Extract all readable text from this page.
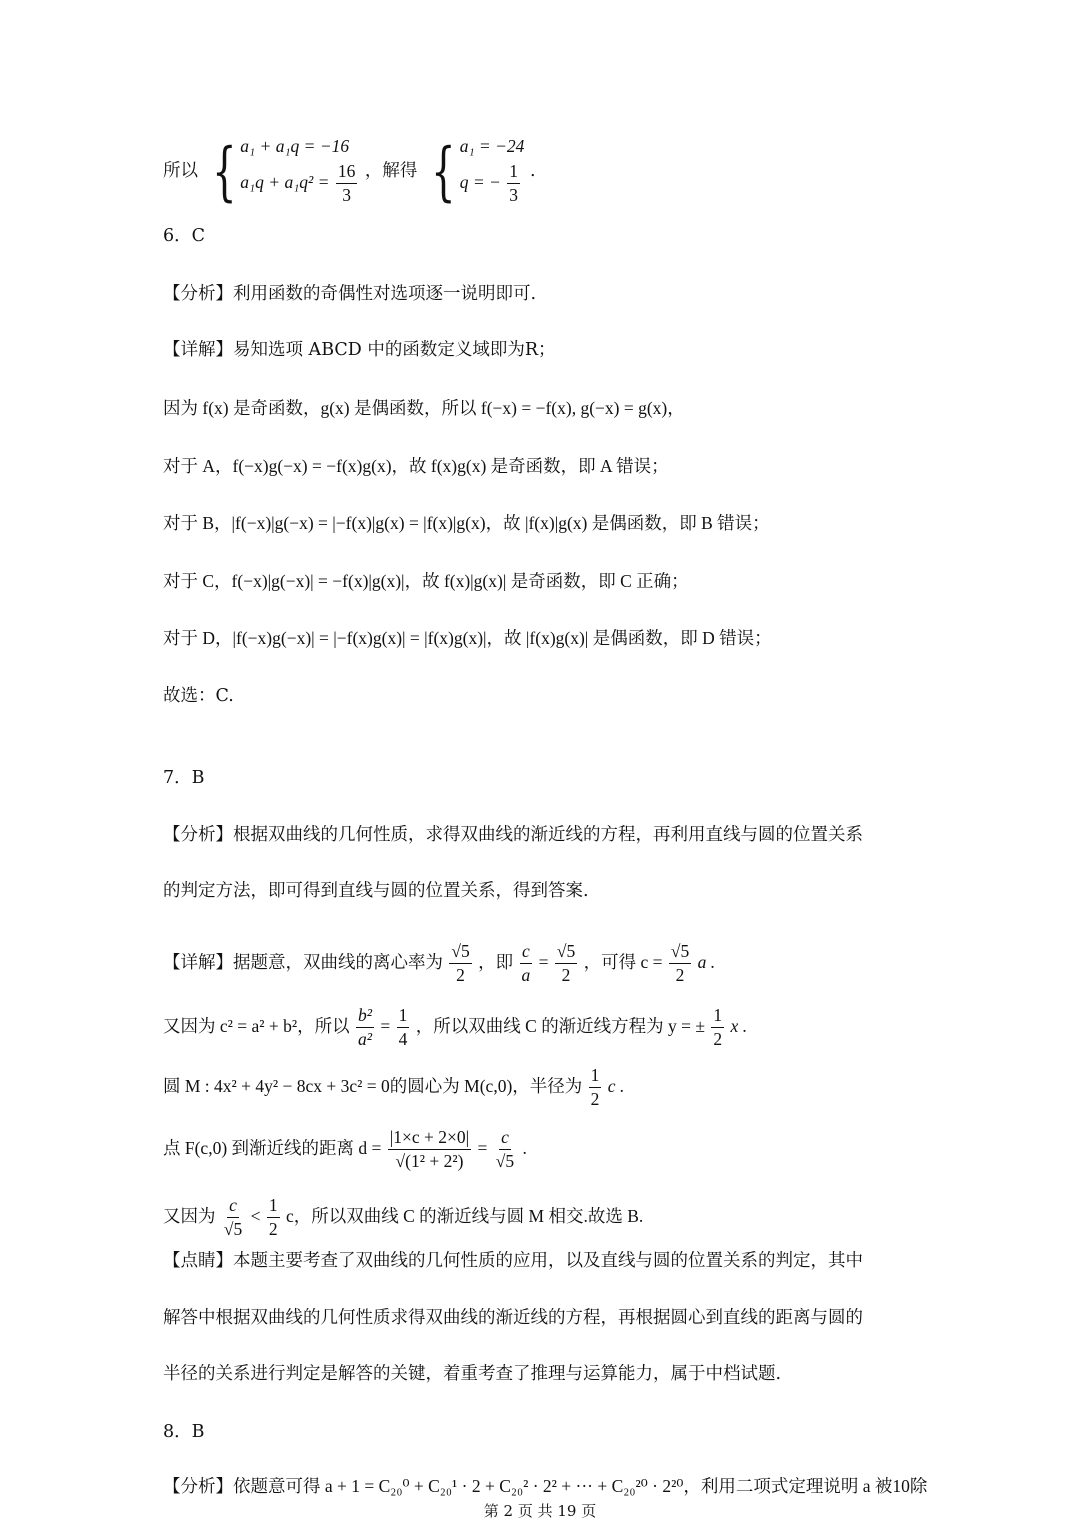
所以 { a₁ + a₁q = −16
$a_1q + a_1q^2 = \frac{16}{3}$ ，解得 { a₁ = −24
q = − $\frac{1}{3}$ .
6．C
【分析】利用函数的奇偶性对选项逐一说明即可.
【详解】易知选项 ABCD 中的函数定义域即为R；
因为 f(x) 是奇函数，g(x) 是偶函数，所以 f(−x) = −f(x), g(−x) = g(x)，
对于 A，f(−x)g(−x) = −f(x)g(x)，故 f(x)g(x) 是奇函数，即 A 错误；
对于 B，|f(−x)|g(−x) = |−f(x)|g(x) = |f(x)|g(x)，故 |f(x)|g(x) 是偶函数，即 B 错误；
对于 C，f(−x)|g(−x)| = −f(x)|g(x)|，故 f(x)|g(x)| 是奇函数，即 C 正确；
对于 D，|f(−x)g(−x)| = |−f(x)g(x)| = |f(x)g(x)|，故 |f(x)g(x)| 是偶函数，即 D 错误；
故选：C.
7．B
【分析】根据双曲线的几何性质，求得双曲线的渐近线的方程，再利用直线与圆的位置关系
的判定方法，即可得到直线与圆的位置关系，得到答案.
【详解】据题意，双曲线的离心率为 $\frac{√5}{2}$ ，即 $\frac{c}{a} = \frac{√5}{2}$ ，可得 $c = \frac{√5}{2}$ a .
又因为 c² = a² + b²，所以 $\frac{\text{b²}}{\text{a²}} = \frac{1}{4}$ ，所以双曲线 C 的渐近线方程为 y = ± $\frac{1}{2}$ x .
圆 M : 4x² + 4y² − 8cx + 3c² = 0的圆心为 M(c,0)，半径为 $\frac{1}{2}$ c .
点 F(c,0) 到渐近线的距离 $d = \frac{|1\times c + 2\times 0|}{\text{√(1² + 2²)}} = \frac{c}{√5}$ .
又因为 $\frac{c}{√5} < \frac{1}{2}$ c，所以双曲线 C 的渐近线与圆 M 相交.故选 B.
【点睛】本题主要考查了双曲线的几何性质的应用，以及直线与圆的位置关系的判定，其中
解答中根据双曲线的几何性质求得双曲线的渐近线的方程，再根据圆心到直线的距离与圆的
半径的关系进行判定是解答的关键，着重考查了推理与运算能力，属于中档试题.
8．B
【分析】依题意可得 a + 1 = C₂₀⁰ + C₂₀¹ · 2 + C₂₀² · 2² + ··· + C₂₀²⁰ · 2²⁰，利用二项式定理说明 a 被10除
第 2 页 共 19 页
